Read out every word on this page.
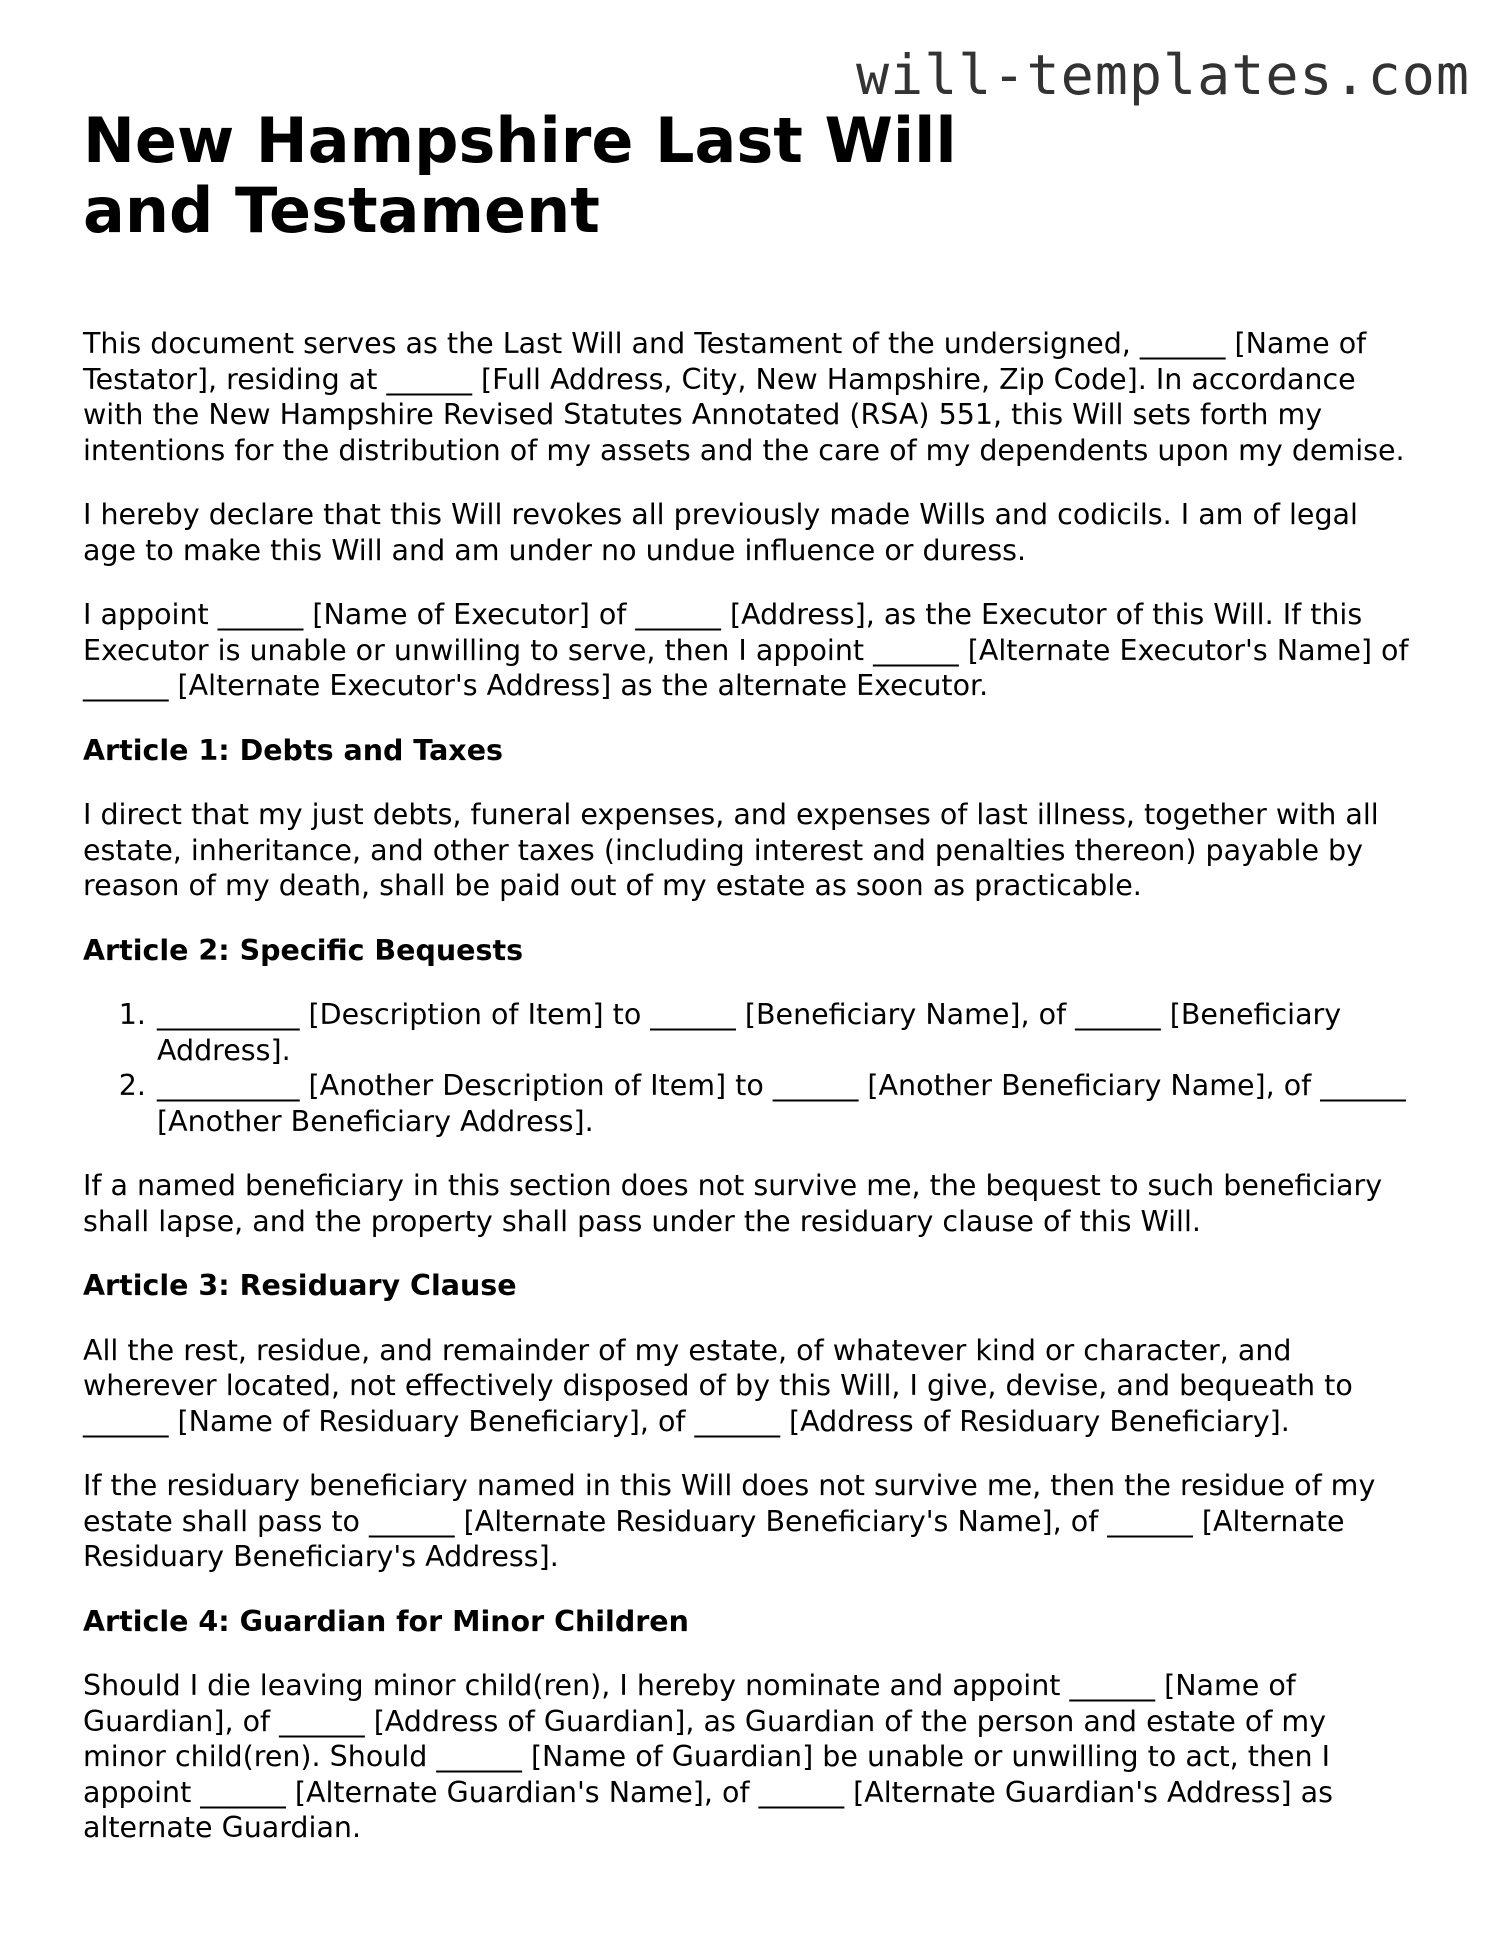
will-templates.com
New Hampshire Last Will and Testament

This document serves as the Last Will and Testament of the undersigned, ______ [Name of Testator], residing at ______ [Full Address, City, New Hampshire, Zip Code]. In accordance with the New Hampshire Revised Statutes Annotated (RSA) 551, this Will sets forth my intentions for the distribution of my assets and the care of my dependents upon my demise.

I hereby declare that this Will revokes all previously made Wills and codicils. I am of legal age to make this Will and am under no undue influence or duress.

I appoint ______ [Name of Executor] of ______ [Address], as the Executor of this Will. If this Executor is unable or unwilling to serve, then I appoint ______ [Alternate Executor's Name] of ______ [Alternate Executor's Address] as the alternate Executor.

Article 1: Debts and Taxes

I direct that my just debts, funeral expenses, and expenses of last illness, together with all estate, inheritance, and other taxes (including interest and penalties thereon) payable by reason of my death, shall be paid out of my estate as soon as practicable.

Article 2: Specific Bequests
1. __________ [Description of Item] to ______ [Beneficiary Name], of ______ [Beneficiary Address].
2. __________ [Another Description of Item] to ______ [Another Beneficiary Name], of ______ [Another Beneficiary Address].

If a named beneficiary in this section does not survive me, the bequest to such beneficiary shall lapse, and the property shall pass under the residuary clause of this Will.

Article 3: Residuary Clause

All the rest, residue, and remainder of my estate, of whatever kind or character, and wherever located, not effectively disposed of by this Will, I give, devise, and bequeath to ______ [Name of Residuary Beneficiary], of ______ [Address of Residuary Beneficiary].

If the residuary beneficiary named in this Will does not survive me, then the residue of my estate shall pass to ______ [Alternate Residuary Beneficiary's Name], of ______ [Alternate Residuary Beneficiary's Address].

Article 4: Guardian for Minor Children

Should I die leaving minor child(ren), I hereby nominate and appoint ______ [Name of Guardian], of ______ [Address of Guardian], as Guardian of the person and estate of my minor child(ren). Should ______ [Name of Guardian] be unable or unwilling to act, then I appoint ______ [Alternate Guardian's Name], of ______ [Alternate Guardian's Address] as alternate Guardian.
